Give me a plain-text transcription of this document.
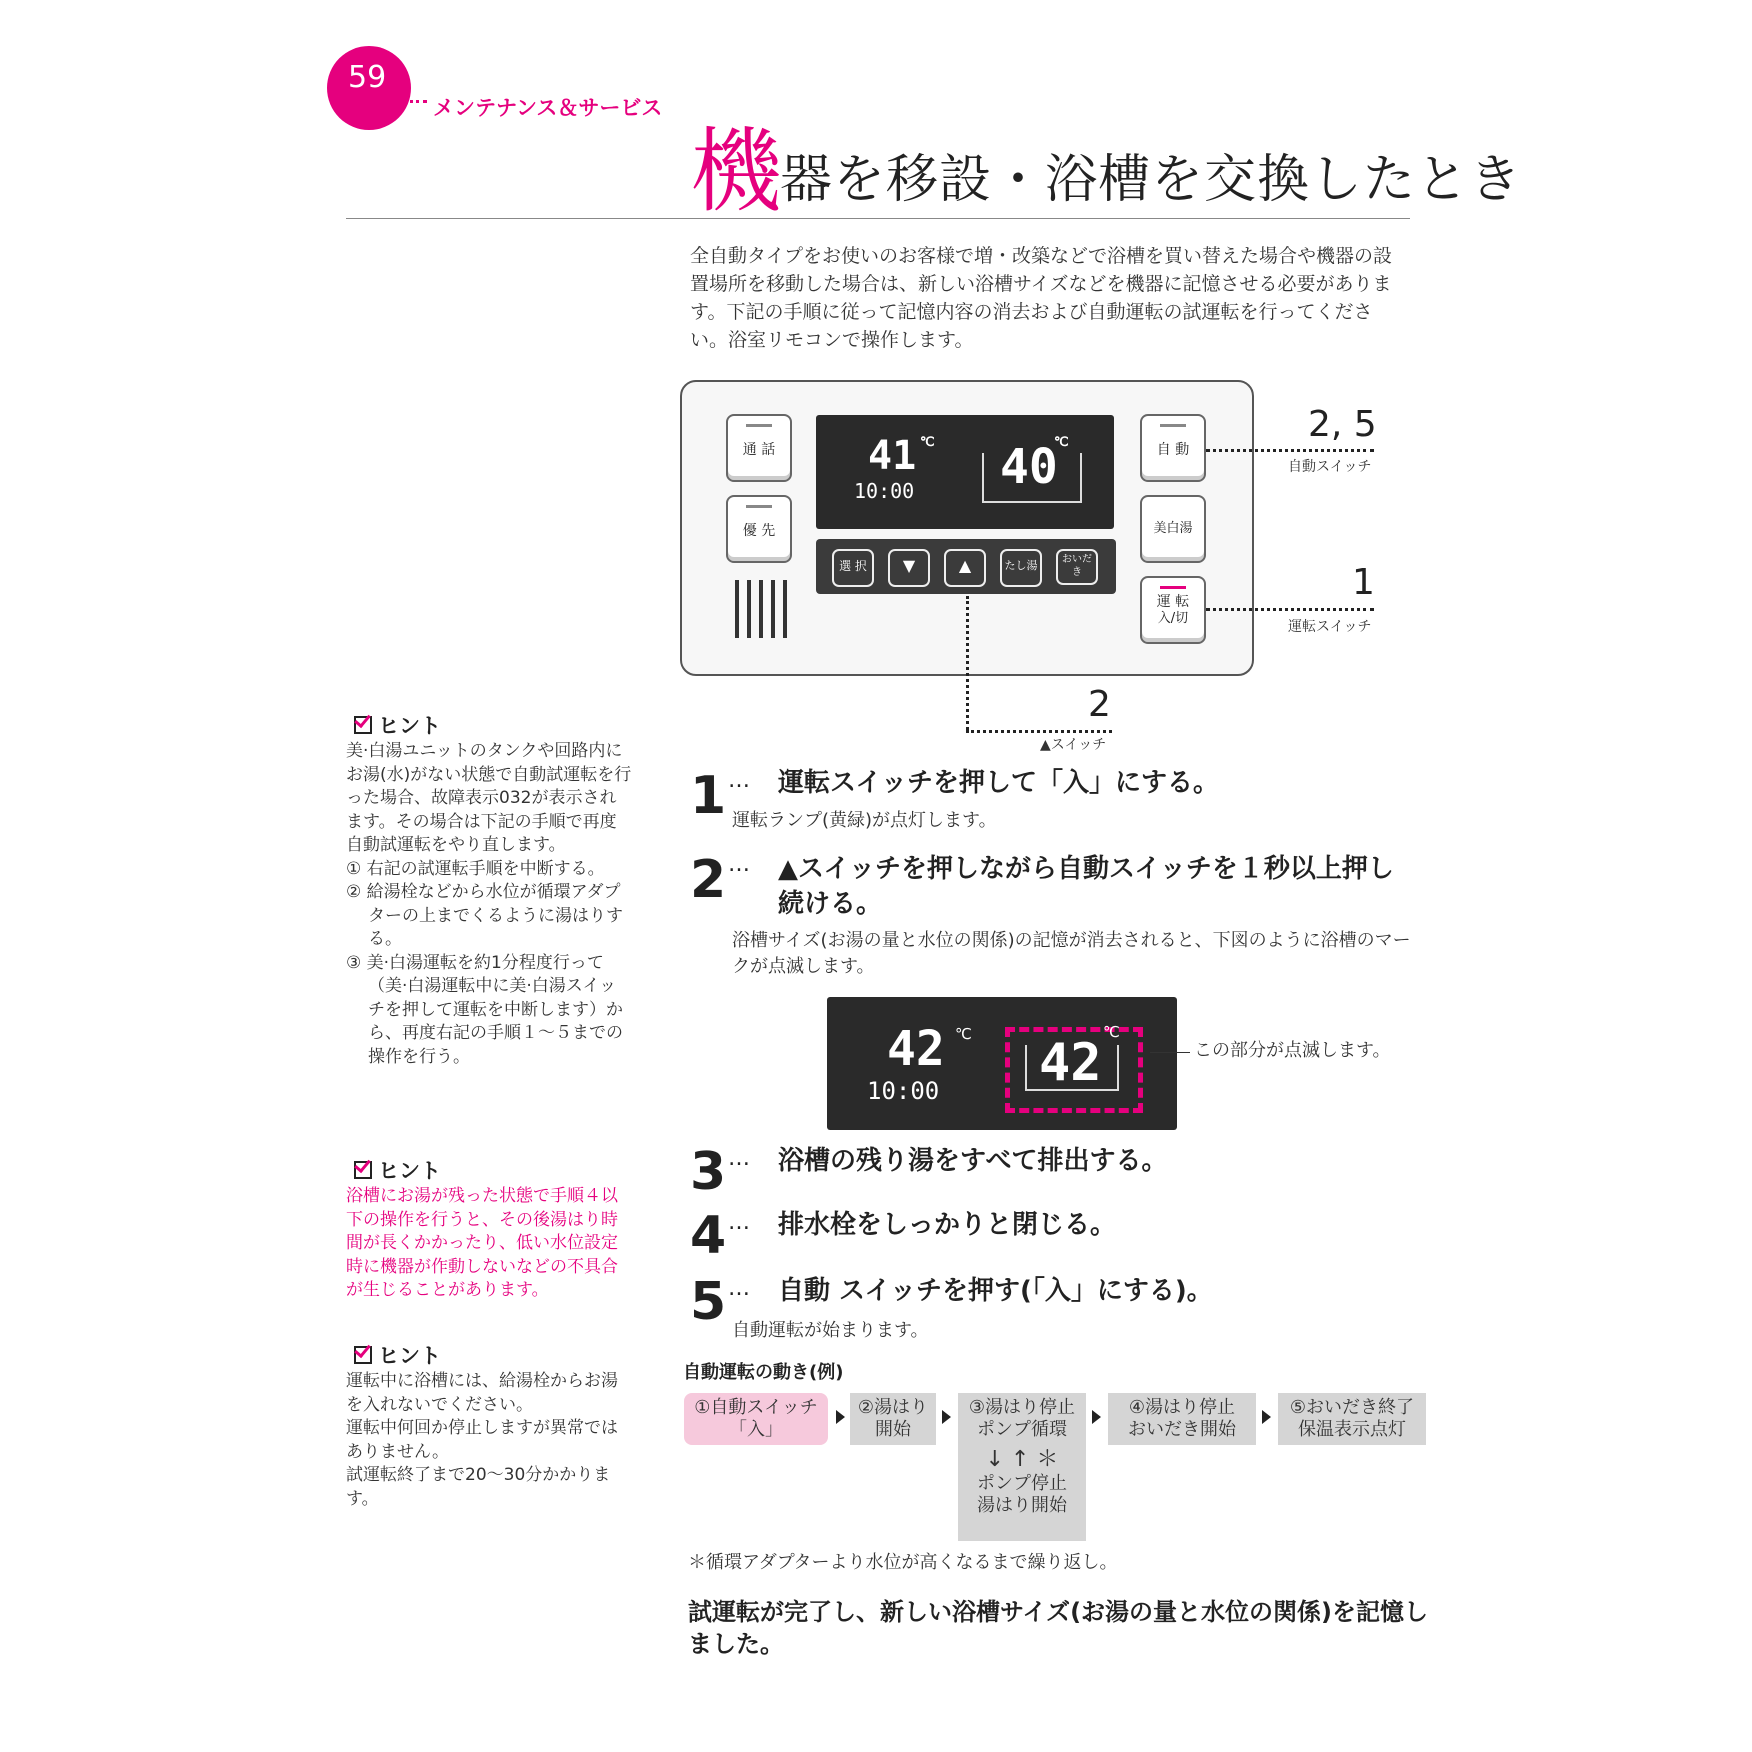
59
メンテナンス＆サービス
機
器を移設・浴槽を交換したとき
全自動タイプをお使いのお客様で増・改築などで浴槽を買い替えた場合や機器の設置場所を移動した場合は、新しい浴槽サイズなどを機器に記憶させる必要があります。下記の手順に従って記憶内容の消去および自動運転の試運転を行ってください。浴室リモコンで操作します。
通 話
優 先
41 ℃
10:00 40
℃
選 択	▼	▲	たし湯	おいだき
自 動
美白湯
運 転
入/切
2, 5
自動スイッチ
1
運転スイッチ
2
▲スイッチ
ヒント
美·白湯ユニットのタンクや回路内にお湯(水)がない状態で自動試運転を行った場合、故障表示032が表示されます。その場合は下記の手順で再度自動試運転をやり直します。
① 右記の試運転手順を中断する。
② 給湯栓などから水位が循環アダプターの上までくるように湯はりする。
③ 美·白湯運転を約1分程度行って（美·白湯運転中に美·白湯スイッチを押して運転を中断します）から、再度右記の手順１〜５までの操作を行う。
ヒント
浴槽にお湯が残った状態で手順４以下の操作を行うと、その後湯はり時間が長くかかったり、低い水位設定時に機器が作動しないなどの不具合が生じることがあります。
ヒント
運転中に浴槽には、給湯栓からお湯を入れないでください。
運転中何回か停止しますが異常ではありません。
試運転終了まで20〜30分かかります。
1 … 運転スイッチを押して「入」にする。
運転ランプ(黄緑)が点灯します。
2 … ▲スイッチを押しながら自動スイッチを１秒以上押し続ける。
浴槽サイズ(お湯の量と水位の関係)の記憶が消去されると、下図のように浴槽のマークが点滅します。
42 ℃
10:00 42
℃
この部分が点滅します。
3 … 浴槽の残り湯をすべて排出する。
4 … 排水栓をしっかりと閉じる。
5 … 自動 スイッチを押す(「入」にする)。
自動運転が始まります。
自動運転の動き(例)
①自動スイッチ
「入」
②湯はり
開始
③湯はり停止
ポンプ循環
↓ ↑ ＊
ポンプ停止
湯はり開始
④湯はり停止
おいだき開始
⑤おいだき終了
保温表示点灯
＊循環アダプターより水位が高くなるまで繰り返し。
試運転が完了し、新しい浴槽サイズ(お湯の量と水位の関係)を記憶しました。
